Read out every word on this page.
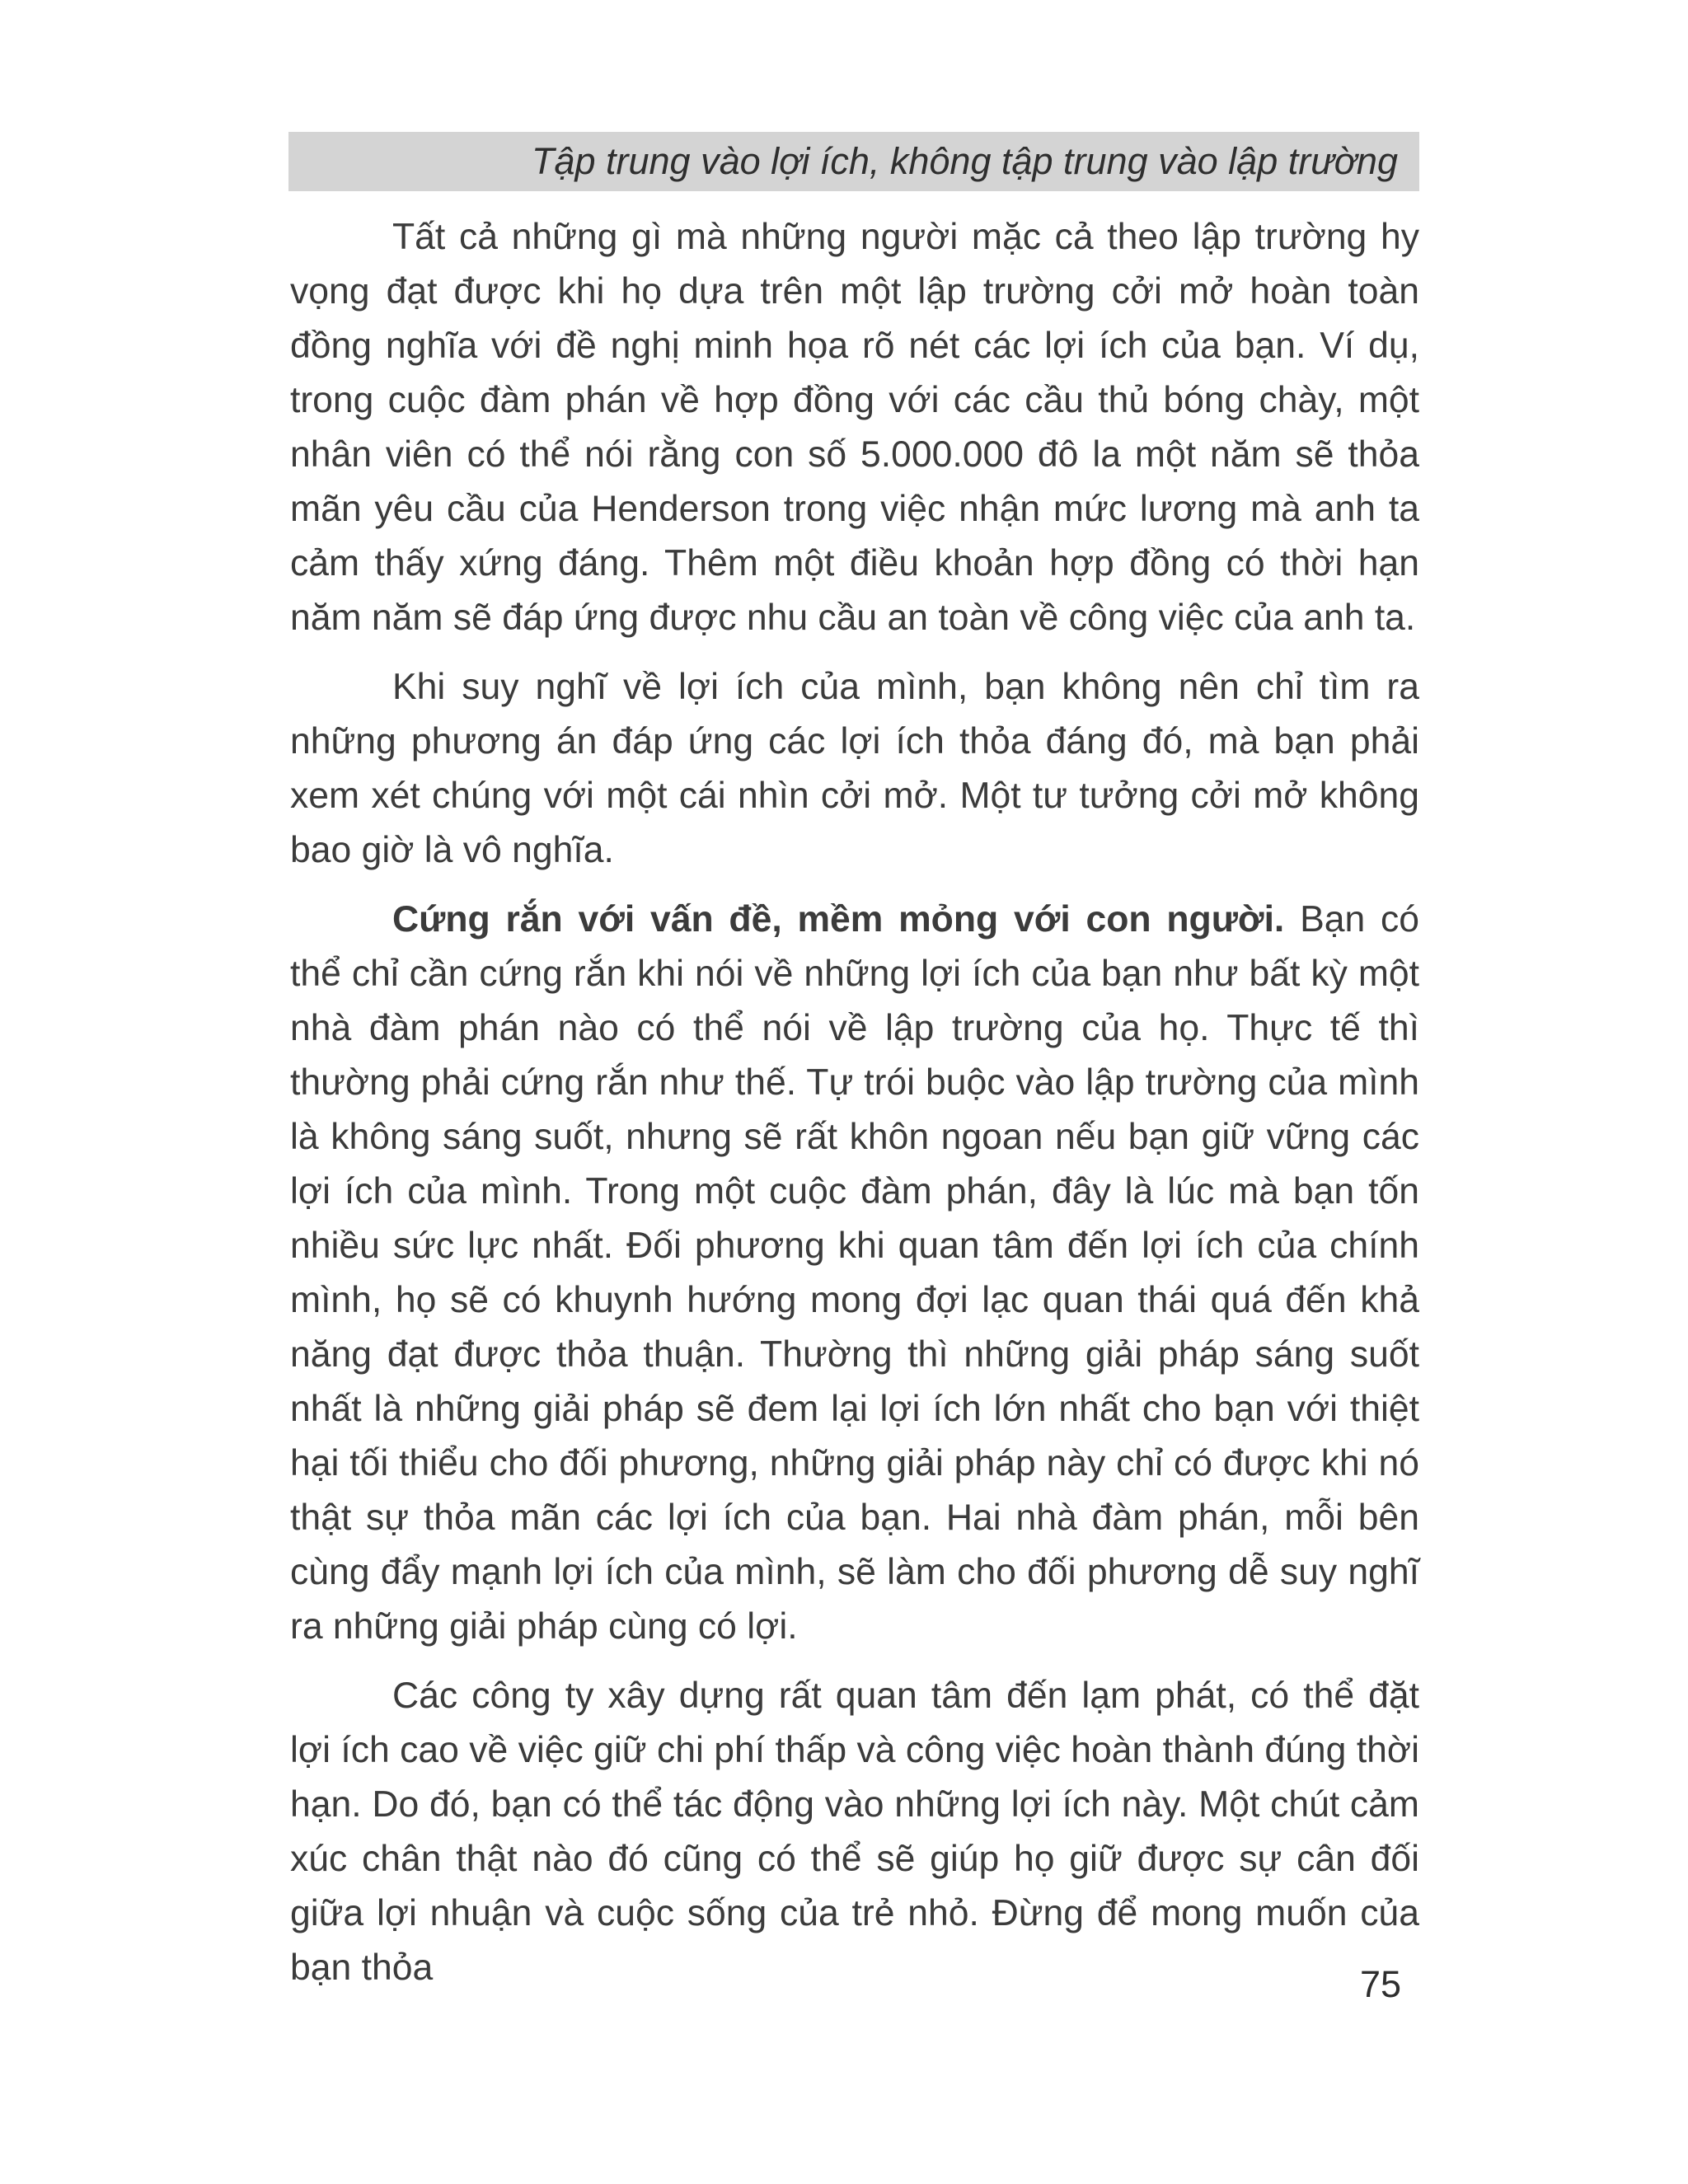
Tập trung vào lợi ích, không tập trung vào lập trường

Tất cả những gì mà những người mặc cả theo lập trường hy vọng đạt được khi họ dựa trên một lập trường cởi mở hoàn toàn đồng nghĩa với đề nghị minh họa rõ nét các lợi ích của bạn. Ví dụ, trong cuộc đàm phán về hợp đồng với các cầu thủ bóng chày, một nhân viên có thể nói rằng con số 5.000.000 đô la một năm sẽ thỏa mãn yêu cầu của Henderson trong việc nhận mức lương mà anh ta cảm thấy xứng đáng. Thêm một điều khoản hợp đồng có thời hạn năm năm sẽ đáp ứng được nhu cầu an toàn về công việc của anh ta.

Khi suy nghĩ về lợi ích của mình, bạn không nên chỉ tìm ra những phương án đáp ứng các lợi ích thỏa đáng đó, mà bạn phải xem xét chúng với một cái nhìn cởi mở. Một tư tưởng cởi mở không bao giờ là vô nghĩa.

Cứng rắn với vấn đề, mềm mỏng với con người. Bạn có thể chỉ cần cứng rắn khi nói về những lợi ích của bạn như bất kỳ một nhà đàm phán nào có thể nói về lập trường của họ. Thực tế thì thường phải cứng rắn như thế. Tự trói buộc vào lập trường của mình là không sáng suốt, nhưng sẽ rất khôn ngoan nếu bạn giữ vững các lợi ích của mình. Trong một cuộc đàm phán, đây là lúc mà bạn tốn nhiều sức lực nhất. Đối phương khi quan tâm đến lợi ích của chính mình, họ sẽ có khuynh hướng mong đợi lạc quan thái quá đến khả năng đạt được thỏa thuận. Thường thì những giải pháp sáng suốt nhất là những giải pháp sẽ đem lại lợi ích lớn nhất cho bạn với thiệt hại tối thiểu cho đối phương, những giải pháp này chỉ có được khi nó thật sự thỏa mãn các lợi ích của bạn. Hai nhà đàm phán, mỗi bên cùng đẩy mạnh lợi ích của mình, sẽ làm cho đối phương dễ suy nghĩ ra những giải pháp cùng có lợi.

Các công ty xây dựng rất quan tâm đến lạm phát, có thể đặt lợi ích cao về việc giữ chi phí thấp và công việc hoàn thành đúng thời hạn. Do đó, bạn có thể tác động vào những lợi ích này. Một chút cảm xúc chân thật nào đó cũng có thể sẽ giúp họ giữ được sự cân đối giữa lợi nhuận và cuộc sống của trẻ nhỏ. Đừng để mong muốn của bạn thỏa	75
